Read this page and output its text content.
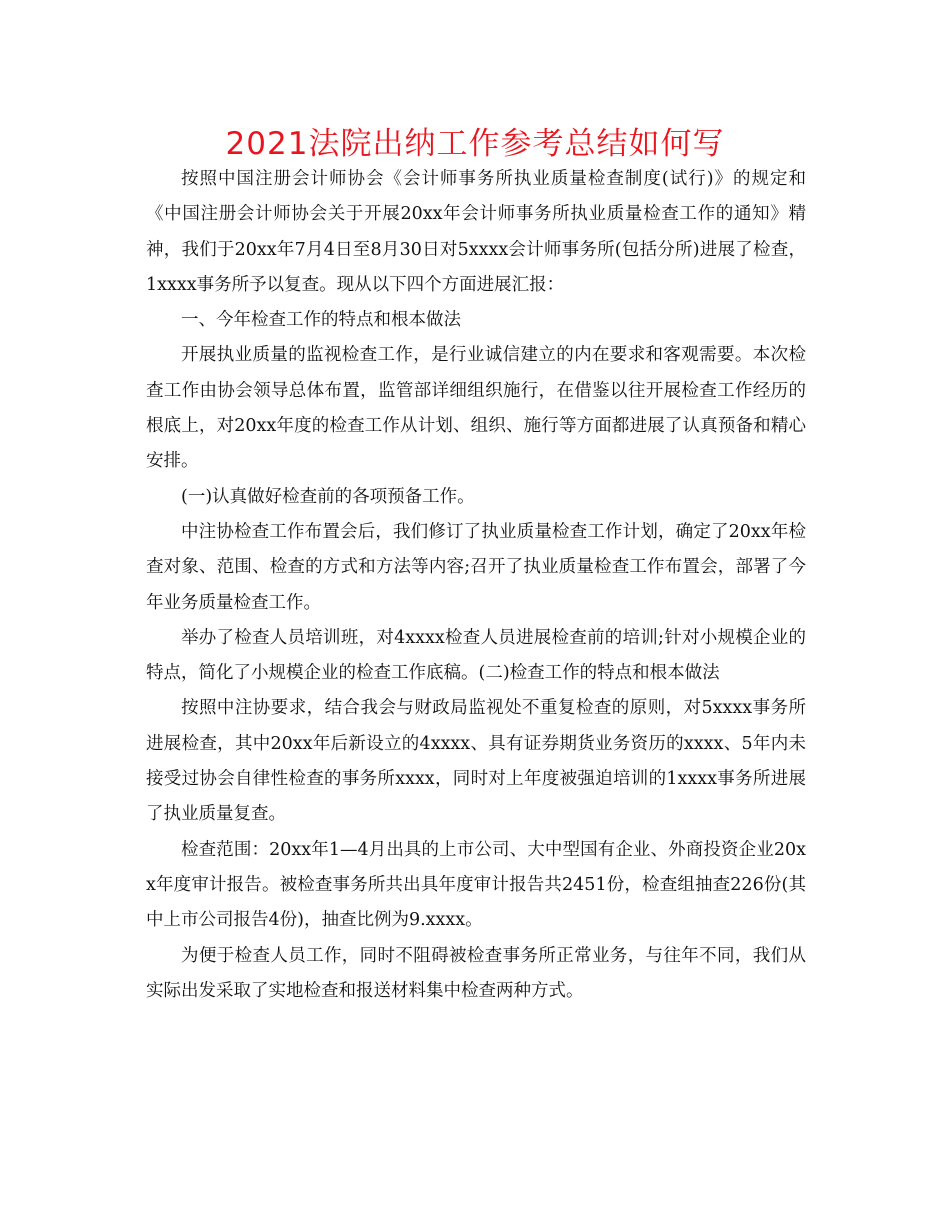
2021法院出纳工作参考总结如何写

按照中国注册会计师协会《会计师事务所执业质量检查制度(试行)》的规定和《中国注册会计师协会关于开展20xx年会计师事务所执业质量检查工作的通知》精神，我们于20xx年7月4日至8月30日对5xxxx会计师事务所(包括分所)进展了检查，1xxxx事务所予以复查。现从以下四个方面进展汇报：

一、今年检查工作的特点和根本做法

开展执业质量的监视检查工作，是行业诚信建立的内在要求和客观需要。本次检查工作由协会领导总体布置，监管部详细组织施行，在借鉴以往开展检查工作经历的根底上，对20xx年度的检查工作从计划、组织、施行等方面都进展了认真预备和精心安排。

(一)认真做好检查前的各项预备工作。

中注协检查工作布置会后，我们修订了执业质量检查工作计划，确定了20xx年检查对象、范围、检查的方式和方法等内容;召开了执业质量检查工作布置会，部署了今年业务质量检查工作。

举办了检查人员培训班，对4xxxx检查人员进展检查前的培训;针对小规模企业的特点，简化了小规模企业的检查工作底稿。(二)检查工作的特点和根本做法

按照中注协要求，结合我会与财政局监视处不重复检查的原则，对5xxxx事务所进展检查，其中20xx年后新设立的4xxxx、具有证券期货业务资历的xxxx、5年内未接受过协会自律性检查的事务所xxxx，同时对上年度被强迫培训的1xxxx事务所进展了执业质量复查。

检查范围：20xx年1—4月出具的上市公司、大中型国有企业、外商投资企业20xx年度审计报告。被检查事务所共出具年度审计报告共2451份，检查组抽查226份(其中上市公司报告4份)，抽查比例为9.xxxx。

为便于检查人员工作，同时不阻碍被检查事务所正常业务，与往年不同，我们从实际出发采取了实地检查和报送材料集中检查两种方式。
